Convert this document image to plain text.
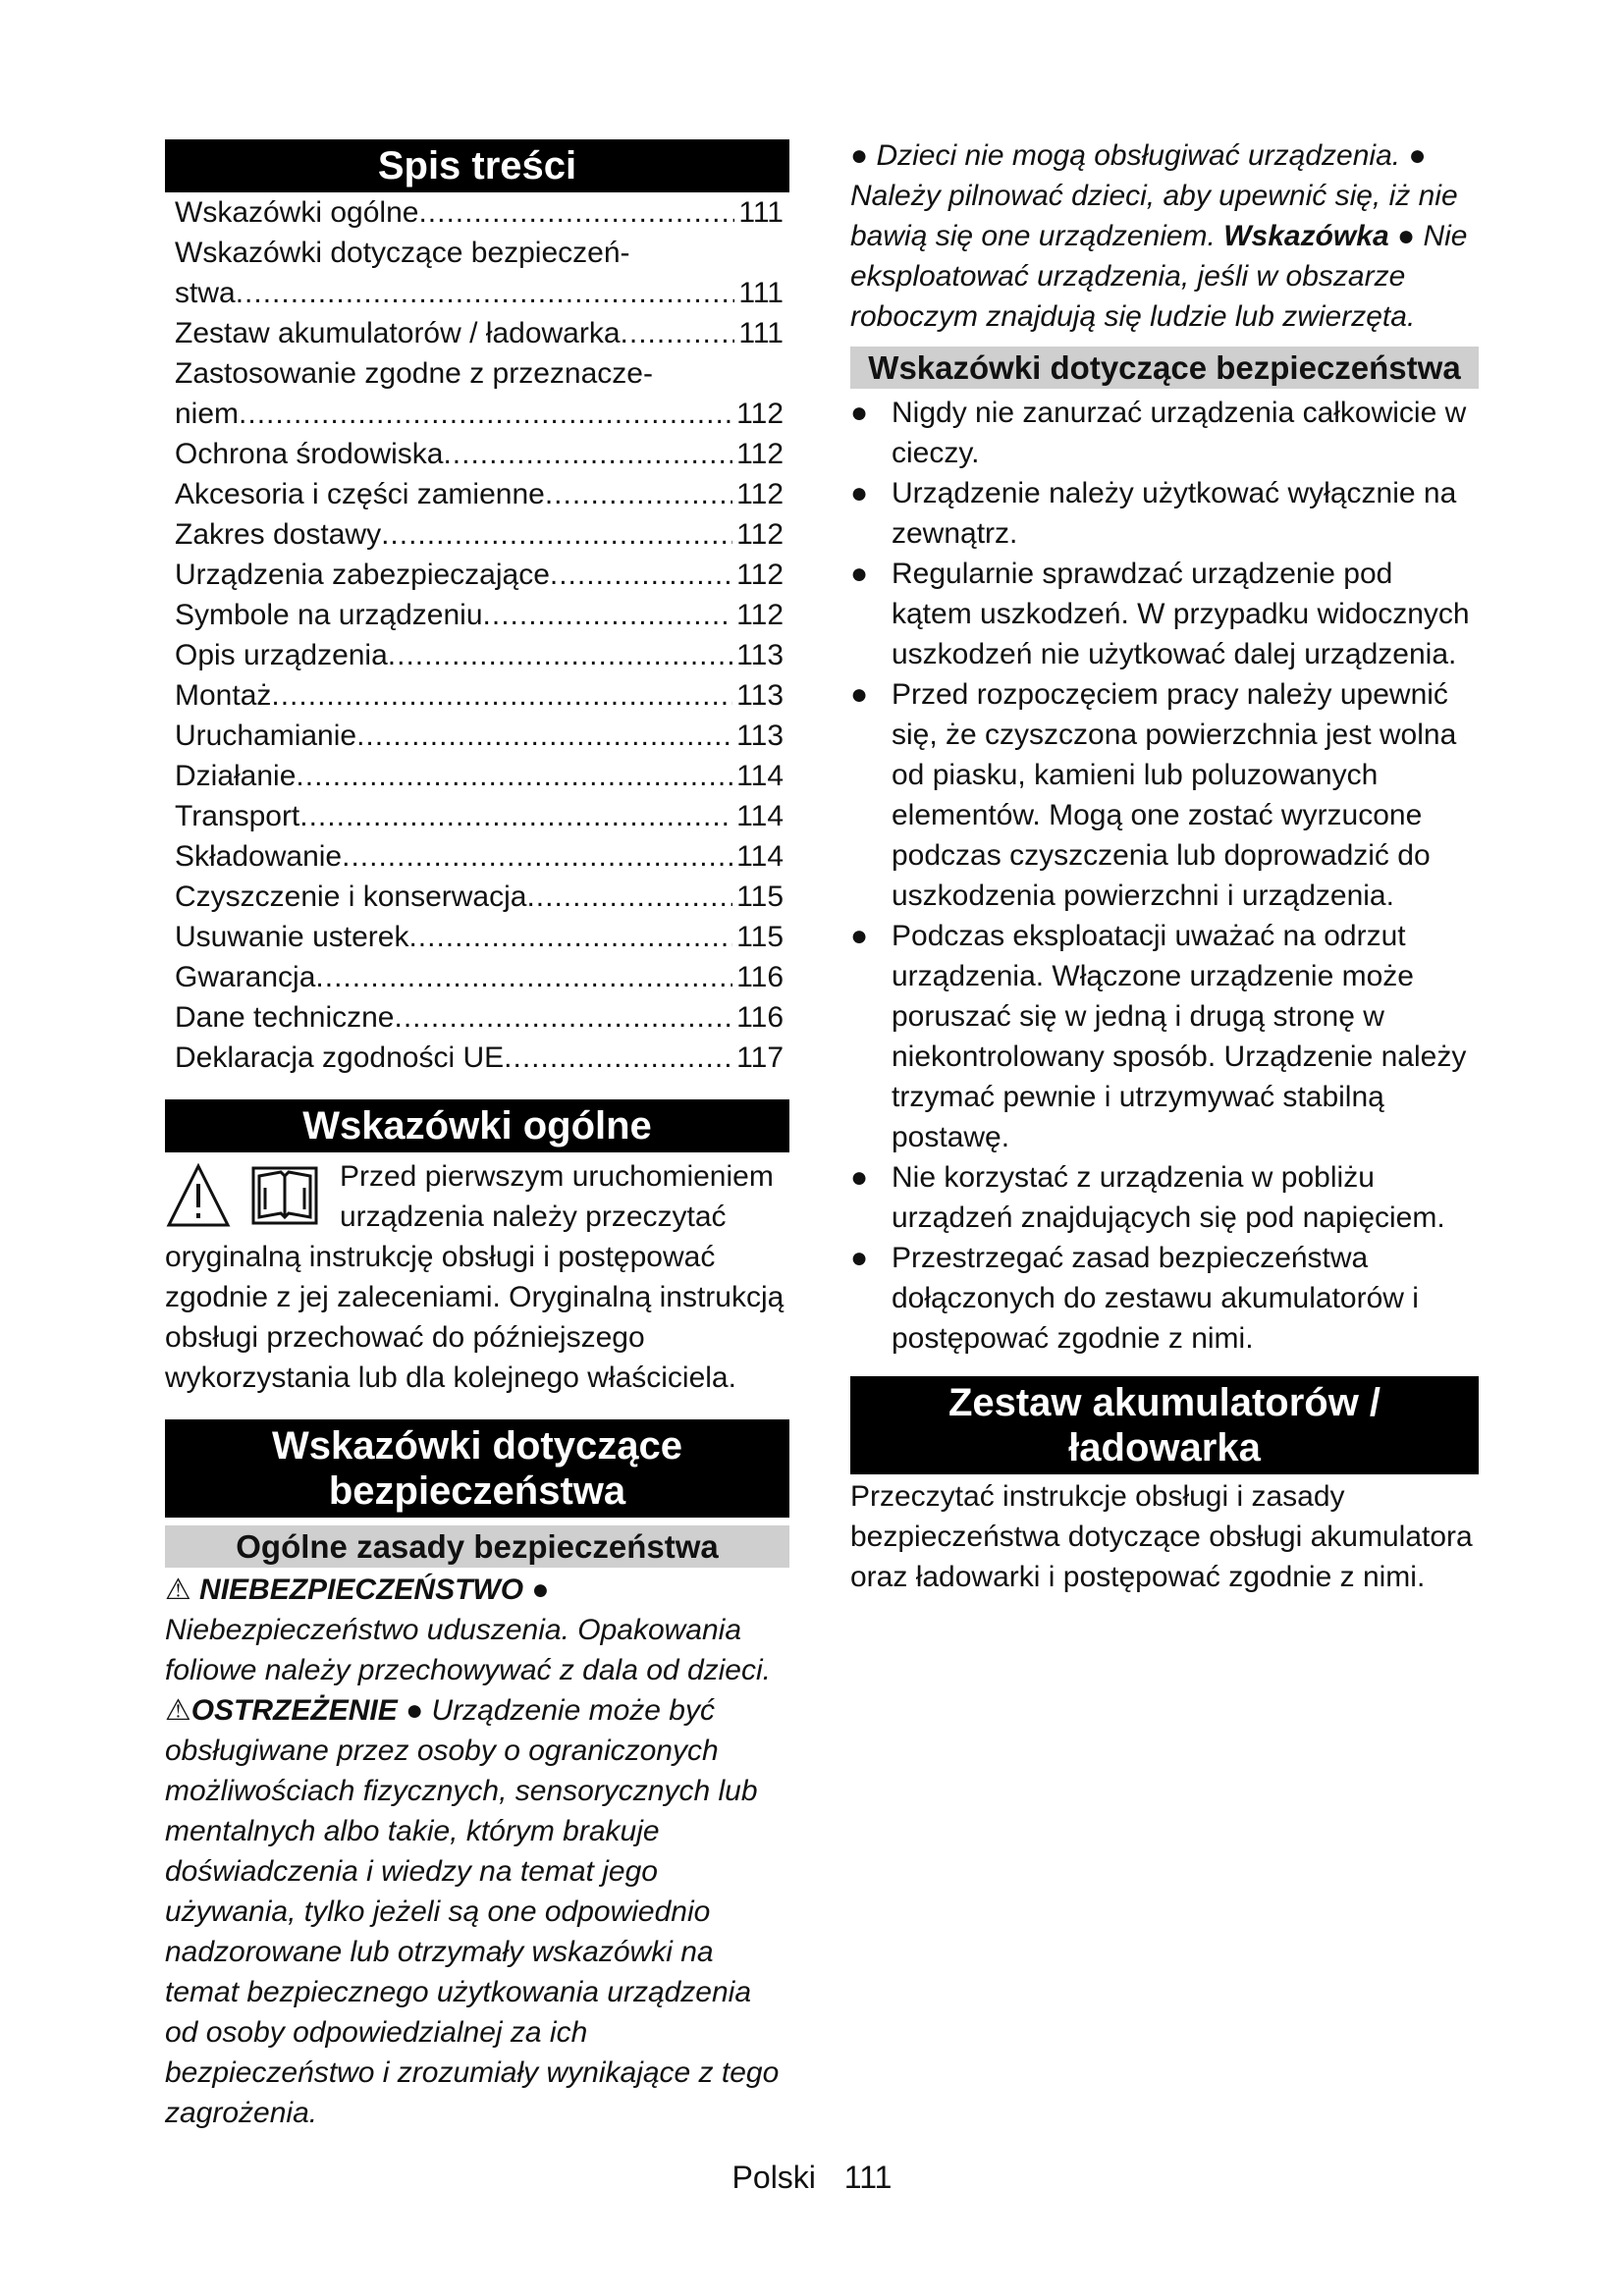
Spis treści
Wskazówki ogólne .....	111
Wskazówki dotyczące bezpieczeń-
stwa .....	111
Zestaw akumulatorów / ładowarka .....	111
Zastosowanie zgodne z przeznacze-
niem .....	112
Ochrona środowiska .....	112
Akcesoria i części zamienne .....	112
Zakres dostawy .....	112
Urządzenia zabezpieczające .....	112
Symbole na urządzeniu .....	112
Opis urządzenia .....	113
Montaż .....	113
Uruchamianie .....	113
Działanie .....	114
Transport .....	114
Składowanie .....	114
Czyszczenie i konserwacja .....	115
Usuwanie usterek .....	115
Gwarancja .....	116
Dane techniczne .....	116
Deklaracja zgodności UE .....	117
Wskazówki ogólne

Przed pierwszym uruchomieniem urządzenia należy przeczytać oryginalną instrukcję obsługi i postępować zgodnie z jej zaleceniami. Oryginalną instrukcją obsługi przechować do późniejszego wykorzystania lub dla kolejnego właściciela.

Wskazówki dotyczące bezpieczeństwa
Ogólne zasady bezpieczeństwa

⚠ NIEBEZPIECZEŃSTWO ● Niebezpieczeństwo uduszenia. Opakowania foliowe należy przechowywać z dala od dzieci.
⚠OSTRZEŻENIE ● Urządzenie może być obsługiwane przez osoby o ograniczonych możliwościach fizycznych, sensorycznych lub mentalnych albo takie, którym brakuje doświadczenia i wiedzy na temat jego używania, tylko jeżeli są one odpowiednio nadzorowane lub otrzymały wskazówki na temat bezpiecznego użytkowania urządzenia od osoby odpowiedzialnej za ich bezpieczeństwo i zrozumiały wynikające z tego zagrożenia.

● Dzieci nie mogą obsługiwać urządzenia. ● Należy pilnować dzieci, aby upewnić się, iż nie bawią się one urządzeniem. Wskazówka ● Nie eksploatować urządzenia, jeśli w obszarze roboczym znajdują się ludzie lub zwierzęta.

Wskazówki dotyczące bezpieczeństwa
● Nigdy nie zanurzać urządzenia całkowicie w cieczy.
● Urządzenie należy użytkować wyłącznie na zewnątrz.
● Regularnie sprawdzać urządzenie pod kątem uszkodzeń. W przypadku widocznych uszkodzeń nie użytkować dalej urządzenia.
● Przed rozpoczęciem pracy należy upewnić się, że czyszczona powierzchnia jest wolna od piasku, kamieni lub poluzowanych elementów. Mogą one zostać wyrzucone podczas czyszczenia lub doprowadzić do uszkodzenia powierzchni i urządzenia.
● Podczas eksploatacji uważać na odrzut urządzenia. Włączone urządzenie może poruszać się w jedną i drugą stronę w niekontrolowany sposób. Urządzenie należy trzymać pewnie i utrzymywać stabilną postawę.
● Nie korzystać z urządzenia w pobliżu urządzeń znajdujących się pod napięciem.
● Przestrzegać zasad bezpieczeństwa dołączonych do zestawu akumulatorów i postępować zgodnie z nimi.
Zestaw akumulatorów / ładowarka

Przeczytać instrukcje obsługi i zasady bezpieczeństwa dotyczące obsługi akumulatora oraz ładowarki i postępować zgodnie z nimi.

Polski 111
